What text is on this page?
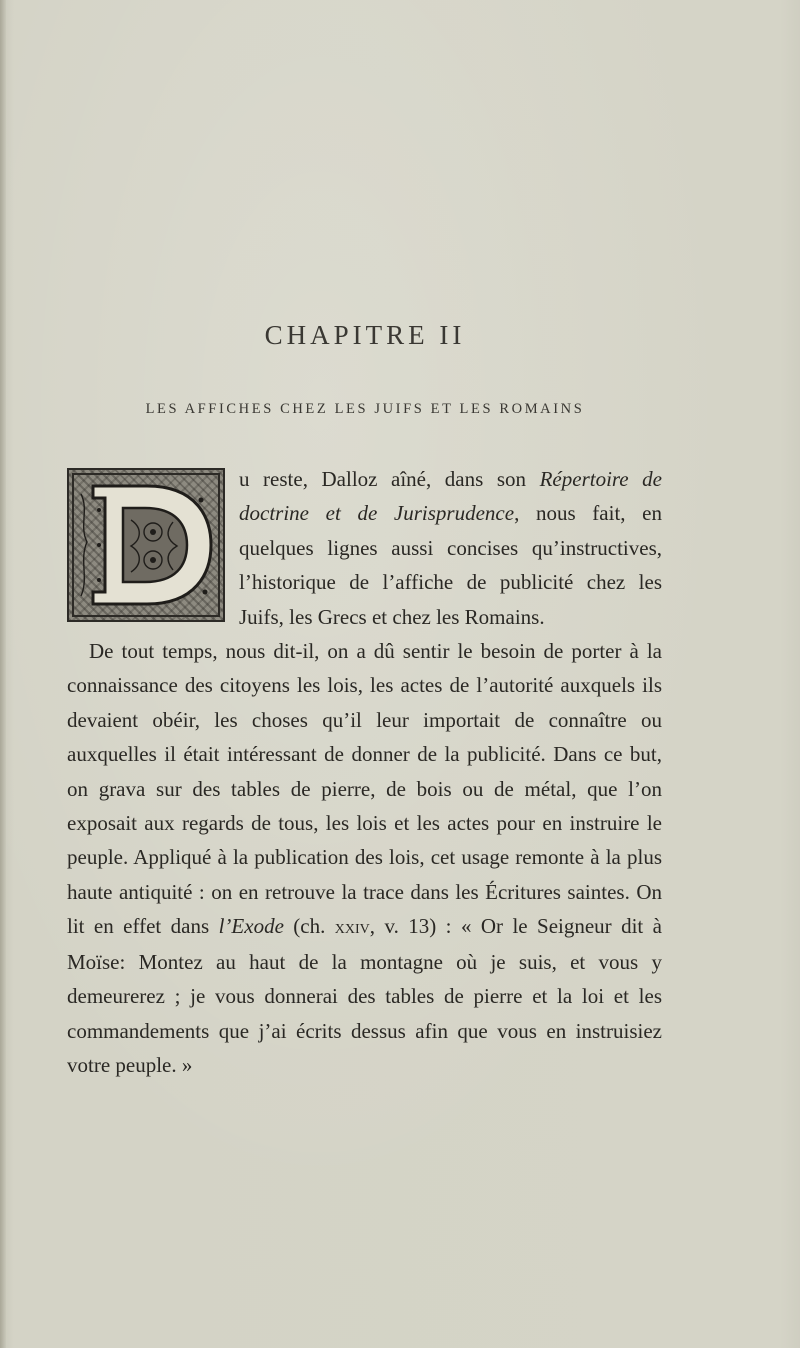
CHAPITRE II
LES AFFICHES CHEZ LES JUIFS ET LES ROMAINS

u reste, Dalloz aîné, dans son Répertoire de doctrine et de Jurisprudence, nous fait, en quelques lignes aussi concises qu’instructives, l’historique de l’affiche de publicité chez les Juifs, les Grecs et chez les Romains.

De tout temps, nous dit-il, on a dû sentir le besoin de porter à la connaissance des citoyens les lois, les actes de l’autorité auxquels ils devaient obéir, les choses qu’il leur importait de connaître ou auxquelles il était intéressant de donner de la publicité. Dans ce but, on grava sur des tables de pierre, de bois ou de métal, que l’on exposait aux regards de tous, les lois et les actes pour en instruire le peuple. Appliqué à la publication des lois, cet usage remonte à la plus haute antiquité : on en retrouve la trace dans les Écritures saintes. On lit en effet dans l’Exode (ch. xxiv, v. 13) : « Or le Seigneur dit à Moïse: Montez au haut de la montagne où je suis, et vous y demeurerez ; je vous donnerai des tables de pierre et la loi et les commandements que j’ai écrits dessus afin que vous en instruisiez votre peuple. »
